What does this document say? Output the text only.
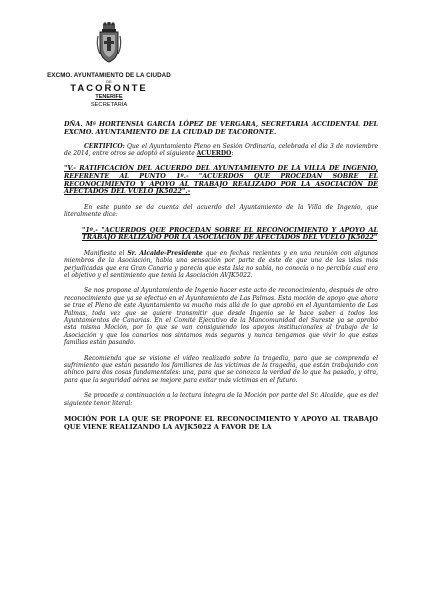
EXCMO. AYUNTAMIENTO DE LA CIUDAD
DE
TACORONTE
TENERIFE
SECRETARÍA

DÑA. Mª HORTENSIA GARCÍA LÓPEZ DE VERGARA, SECRETARIA ACCIDENTAL DEL EXCMO. AYUNTAMIENTO DE LA CIUDAD DE TACORONTE.

CERTIFICO: Que el Ayuntamiento Pleno en Sesión Ordinaria, celebrada el día 3 de noviembre de 2014, entre otros se adoptó el siguiente ACUERDO:

"V.- RATIFICACIÓN DEL ACUERDO DEL AYUNTAMIENTO DE LA VILLA DE INGENIO, REFERENTE AL PUNTO 1º.- "ACUERDOS QUE PROCEDAN SOBRE EL RECONOCIMIENTO Y APOYO AL TRABAJO REALIZADO POR LA ASOCIACIÓN DE AFECTADOS DEL VUELO JK5022".-

En este punto se da cuenta del acuerdo del Ayuntamiento de la Villa de Ingenio, que literalmente dice:

"1º.- "ACUERDOS QUE PROCEDAN SOBRE EL RECONOCIMIENTO Y APOYO AL TRABAJO REALIZADO POR LA ASOCIACIÓN DE AFECTADOS DEL VUELO JK5022"

Manifiesta el Sr. Alcalde-Presidente que en fechas recientes y en una reunión con algunos miembros de la Asociación, había una sensación por parte de éste de que una de las islas más perjudicadas que era Gran Canaria y parecía que esta Isla no sabía, no conocía o no percibía cual era el objetivo y el sentimiento que tenía la Asociación AVJK5022.

Se nos propone al Ayuntamiento de Ingenio hacer este acto de reconocimiento, después de otro reconocimiento que ya se efectuó en el Ayuntamiento de Las Palmas. Esta moción de apoyo que ahora se trae el Pleno de este Ayuntamiento va mucho más allá de lo que aprobó en el Ayuntamiento de Las Palmas, toda vez que se quiere transmitir que desde Ingenio se le hace saber a todos los Ayuntamientos de Canarias. En el Comité Ejecutivo de la Mancomunidad del Sureste ya se aprobó esta misma Moción, por lo que se van consiguiendo los apoyos institucionales al trabajo de la Asociación y que los canarios nos sintamos más seguros y nunca tengamos que vivir lo que estas familias están pasando.

Recomienda que se visione el vídeo realizado sobre la tragedia, para que se comprenda el sufrimiento que están pasando los familiares de las víctimas de la tragedia, que están trabajando con ahínco para dos cosas fundamentales: una, para que se conozca la verdad de lo que ha pasado, y otra, para que la seguridad aérea se mejore para evitar más víctimas en el futuro.

Se procede a continuación a la lectura íntegra de la Moción por parte del Sr. Alcalde, que es del siguiente tenor literal:

MOCIÓN POR LA QUE SE PROPONE EL RECONOCIMIENTO Y APOYO AL TRABAJO QUE VIENE REALIZANDO LA AVJK5022 A FAVOR DE LA
